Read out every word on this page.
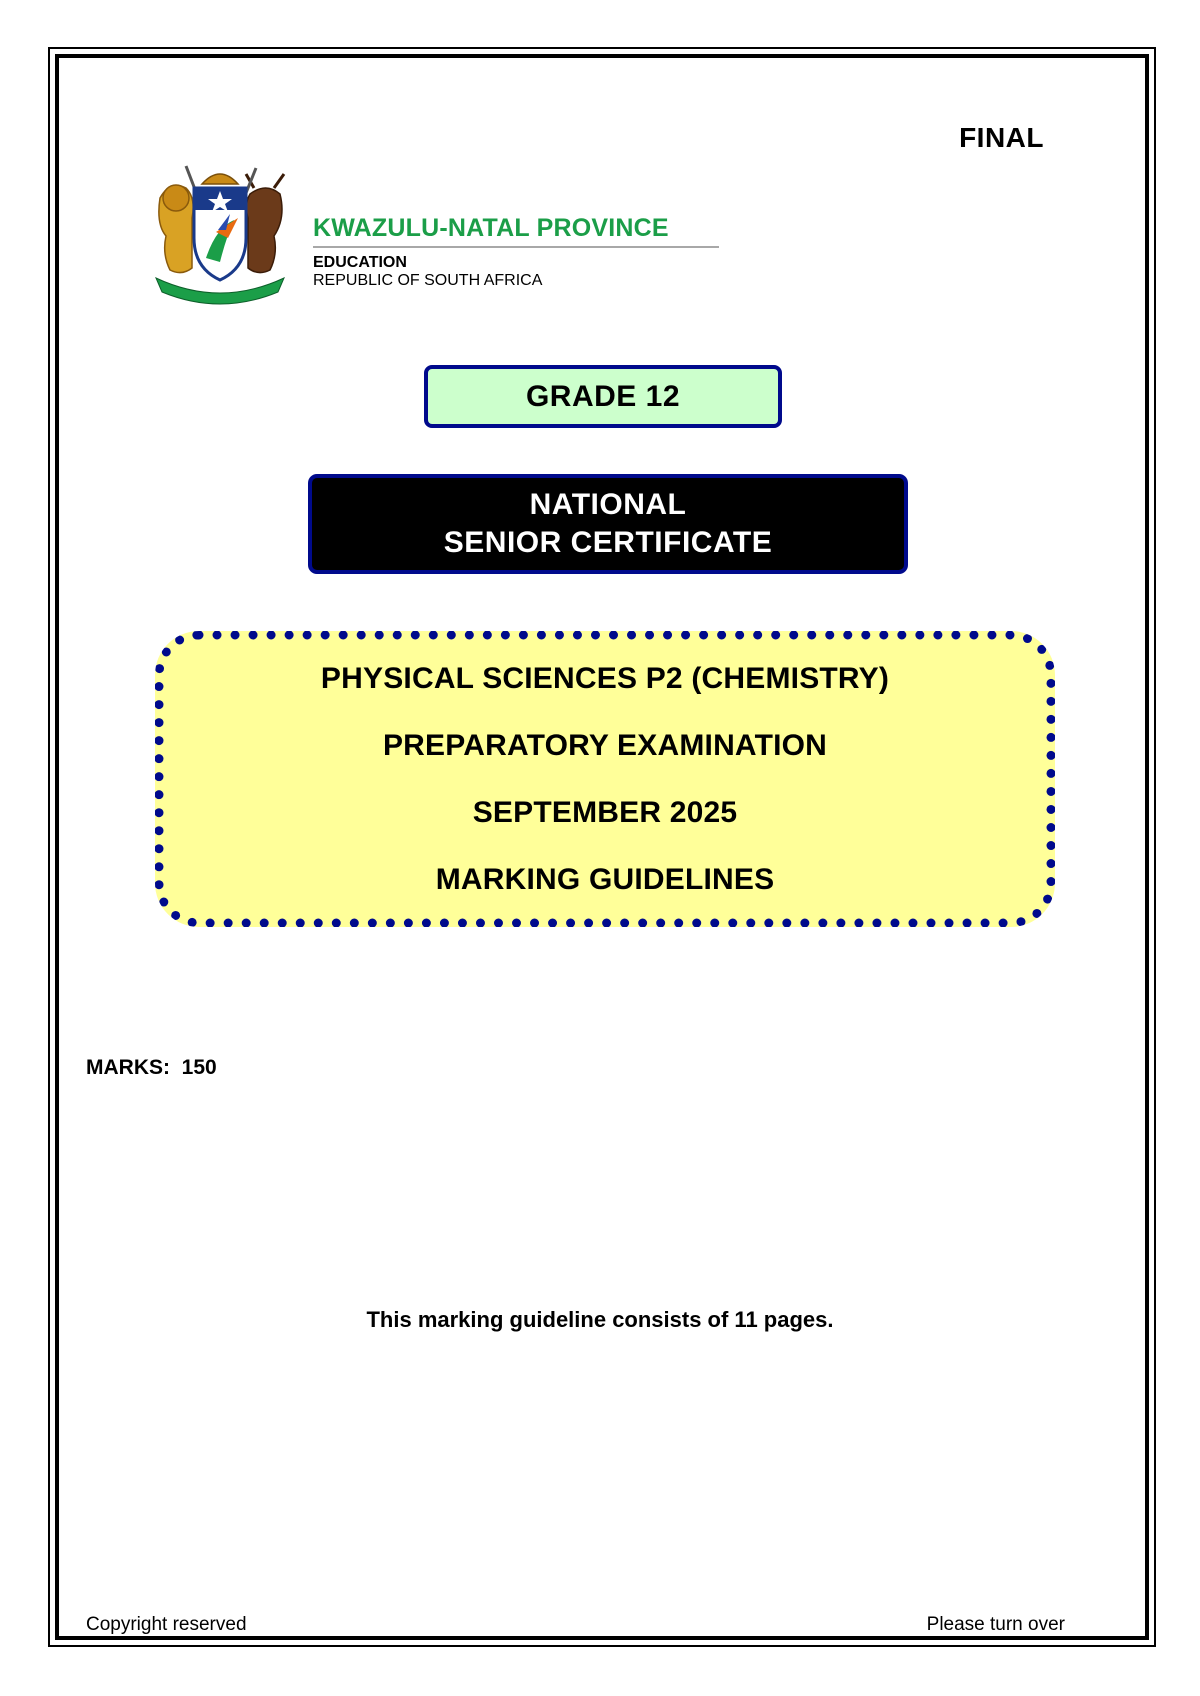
FINAL
KWAZULU-NATAL PROVINCE
EDUCATION
REPUBLIC OF SOUTH AFRICA
GRADE 12
NATIONAL
SENIOR CERTIFICATE
PHYSICAL SCIENCES P2 (CHEMISTRY)
PREPARATORY EXAMINATION
SEPTEMBER 2025
MARKING GUIDELINES
MARKS:  150
This marking guideline consists of 11 pages.
Copyright reserved	Please turn over
